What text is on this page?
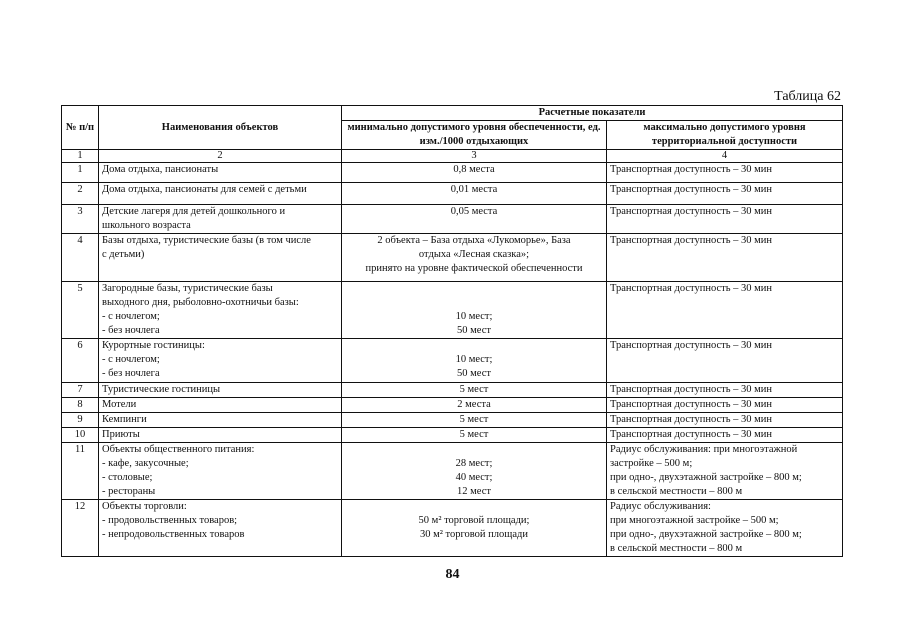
Таблица 62
№ п/п	Наименования объектов	Расчетные показатели	
		минимально допустимого уровня обеспеченности, ед. изм./1000 отдыхающих	максимально допустимого уровня территориальной доступности
1	2	3	4
1	Дома отдыха, пансионаты	0,8 места	Транспортная доступность – 30 мин

2	Дома отдыха, пансионаты для семей с детьми	0,01 места	Транспортная доступность – 30 мин

3	Детские лагеря для детей дошкольного и
школьного возраста	0,05 места	Транспортная доступность – 30 мин

4	Базы отдыха, туристические базы (в том числе
с детьми)	2 объекта – База отдыха «Лукоморье», База
отдыха «Лесная сказка»;
принято на уровне фактической обеспеченности	Транспортная доступность – 30 мин

5	Загородные базы, туристические базы
выходного дня, рыболовно-охотничьи базы:
- с ночлегом;
- без ночлега	10 мест;
50 мест	Транспортная доступность – 30 мин

6	Курортные гостиницы:
- с ночлегом;
- без ночлега	10 мест;
50 мест	Транспортная доступность – 30 мин

7	Туристические гостиницы	5 мест	Транспортная доступность – 30 мин

8	Мотели	2 места	Транспортная доступность – 30 мин

9	Кемпинги	5 мест	Транспортная доступность – 30 мин

10	Приюты	5 мест	Транспортная доступность – 30 мин

11	Объекты общественного питания:
- кафе, закусочные;
- столовые;
- рестораны	28 мест;
40 мест;
12 мест	Радиус обслуживания: при многоэтажной
застройке – 500 м;
при одно-, двухэтажной застройке – 800 м;
в сельской местности – 800 м

12	Объекты торговли:
- продовольственных товаров;
- непродовольственных товаров	50 м² торговой площади;
30 м² торговой площади	Радиус обслуживания:
при многоэтажной застройке – 500 м;
при одно-, двухэтажной застройке – 800 м;
в сельской местности – 800 м
84
